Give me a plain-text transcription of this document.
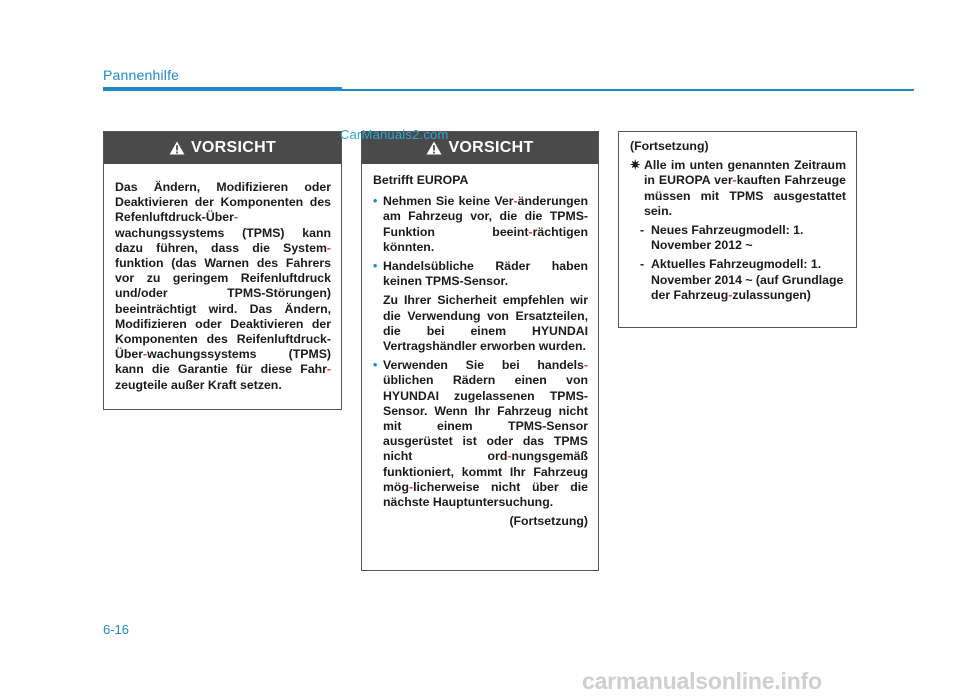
Pannenhilfe
VORSICHT

Das Ändern, Modifizieren oder Deaktivieren der Komponenten des Refenluftdruck-Über-wachungssystems (TPMS) kann dazu führen, dass die System-funktion (das Warnen des Fahrers vor zu geringem Reifenluftdruck und/oder TPMS-Störungen) beeinträchtigt wird. Das Ändern, Modifizieren oder Deaktivieren der Komponenten des Reifenluftdruck-Über-wachungssystems (TPMS) kann die Garantie für diese Fahr-zeugteile außer Kraft setzen.

VORSICHT

Betrifft EUROPA

• Nehmen Sie keine Ver-änderungen am Fahrzeug vor, die die TPMS-Funktion beeint-rächtigen könnten.
• Handelsübliche Räder haben keinen TPMS-Sensor.
Zu Ihrer Sicherheit empfehlen wir die Verwendung von Ersatzteilen, die bei einem HYUNDAI Vertragshändler erworben wurden.
• Verwenden Sie bei handels-üblichen Rädern einen von HYUNDAI zugelassenen TPMS-Sensor. Wenn Ihr Fahrzeug nicht mit einem TPMS-Sensor ausgerüstet ist oder das TPMS nicht ord-nungsgemäß funktioniert, kommt Ihr Fahrzeug mög-licherweise nicht über die nächste Hauptuntersuchung.
(Fortsetzung)
(Fortsetzung)
✷ Alle im unten genannten Zeitraum in EUROPA ver-kauften Fahrzeuge müssen mit TPMS ausgestattet sein.
- Neues Fahrzeugmodell: 1. November 2012 ~
- Aktuelles Fahrzeugmodell: 1. November 2014 ~ (auf Grundlage der Fahrzeug-zulassungen)
CarManuals2.com
6-16
carmanualsonline.info
